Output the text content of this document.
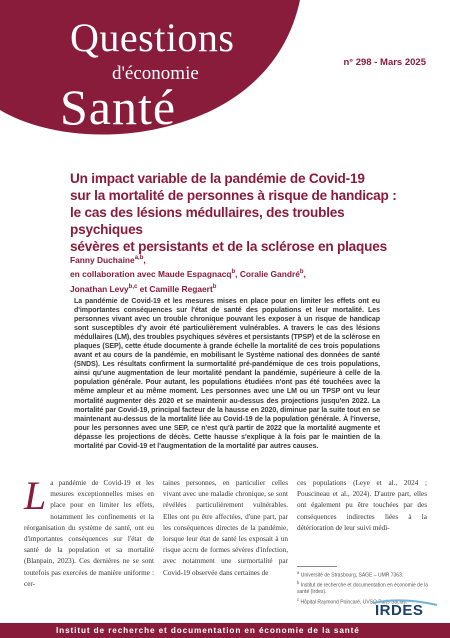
Questions
d'économie	de la
Santé
n° 298 - Mars 2025
Un impact variable de la pandémie de Covid-19
sur la mortalité de personnes à risque de handicap :
le cas des lésions médullaires, des troubles psychiques
sévères et persistants et de la sclérose en plaques
Fanny Duchaine$^{a,b}$,
en collaboration avec Maude Espagnacq$^b$, Coralie Gandré$^b$,
Jonathan Levy$^{b,c}$ et Camille Regaert$^b$
La pandémie de Covid-19 et les mesures mises en place pour en limiter les effets ont eu d'importantes conséquences sur l'état de santé des populations et leur mortalité. Les personnes vivant avec un trouble chronique pouvant les exposer à un risque de handicap sont susceptibles d'y avoir été particulièrement vulnérables. A travers le cas des lésions médullaires (LM), des troubles psychiques sévères et persistants (TPSP) et de la sclérose en plaques (SEP), cette étude documente à grande échelle la mortalité de ces trois populations avant et au cours de la pandémie, en mobilisant le Système national des données de santé (SNDS). Les résultats confirment la surmortalité pré-pandémique de ces trois populations, ainsi qu'une augmentation de leur mortalité pendant la pandémie, supérieure à celle de la population générale. Pour autant, les populations étudiées n'ont pas été touchées avec la même ampleur et au même moment. Les personnes avec une LM ou un TPSP ont vu leur mortalité augmenter dès 2020 et se maintenir au-dessus des projections jusqu'en 2022. La mortalité par Covid-19, principal facteur de la hausse en 2020, diminue par la suite tout en se maintenant au-dessus de la mortalité liée au Covid-19 de la population générale. À l'inverse, pour les personnes avec une SEP, ce n'est qu'à partir de 2022 que la mortalité augmente et dépasse les projections de décès. Cette hausse s'explique à la fois par le maintien de la mortalité par Covid-19 et l'augmentation de la mortalité par autres causes.
La pandémie de Covid-19 et les mesures exceptionnelles mises en place pour en limiter les effets, notamment les confinements et la réorganisation du système de santé, ont eu d'importantes conséquences sur l'état de santé de la population et sa mortalité (Blanpain, 2023). Ces dernières ne se sont toutefois pas exercées de manière uniforme : cer-
taines personnes, en particulier celles vivant avec une maladie chronique, se sont révélées particulièrement vulnérables. Elles ont pu être affectées, d'une part, par les conséquences directes de la pandémie, lorsque leur état de santé les exposait à un risque accru de formes sévères d'infection, avec notamment une surmortalité par Covid-19 observée dans certaines de
ces populations (Leye et al., 2024 ; Pouscineau et al., 2024). D'autre part, elles ont également pu être touchées par des conséquences indirectes liées à la détérioration de leur suivi médi-
$^a$ Université de Strasbourg, SAGE – UMR 7363.
$^b$ Institut de recherche et documentation en économie de la santé (Irdes).
$^c$ Hôpital Raymond Poincaré, UVSQ Paris Saclay.
IRDES
Institut de recherche et documentation en économie de la santé
